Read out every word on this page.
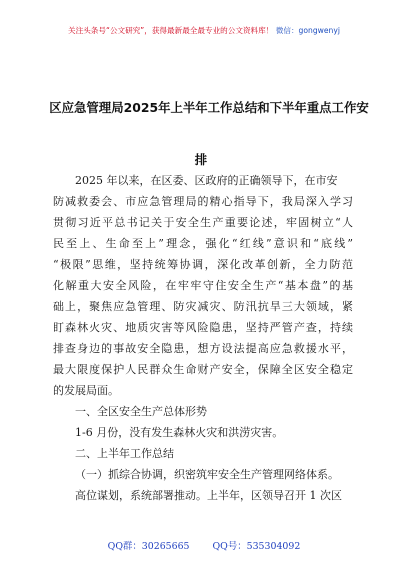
关注头条号“公文研究”，获得最新最全最专业的公文资料库！ 微信：gongwenyj
区应急管理局2025年上半年工作总结和下半年重点工作安
排
2025 年以来，在区委、区政府的正确领导下，在市安
防减救委会、市应急管理局的精心指导下，我局深入学习
贯彻习近平总书记关于安全生产重要论述，牢固树立“人
民至上、生命至上”理念，强化“红线”意识和“底线”
“极限”思维，坚持统筹协调，深化改革创新，全力防范
化解重大安全风险，在牢牢守住安全生产“基本盘”的基
础上，聚焦应急管理、防灾减灾、防汛抗旱三大领域，紧
盯森林火灾、地质灾害等风险隐患，坚持严管产查，持续
排查身边的事故安全隐患，想方设法提高应急救援水平，
最大限度保护人民群众生命财产安全，保障全区安全稳定
的发展局面。
一、全区安全生产总体形势
1-6 月份，没有发生森林火灾和洪涝灾害。
二、上半年工作总结
（一）抓综合协调，织密筑牢安全生产管理网络体系。
高位谋划，系统部署推动。上半年，区领导召开 1 次区
QQ群：30265665 QQ号：535304092
